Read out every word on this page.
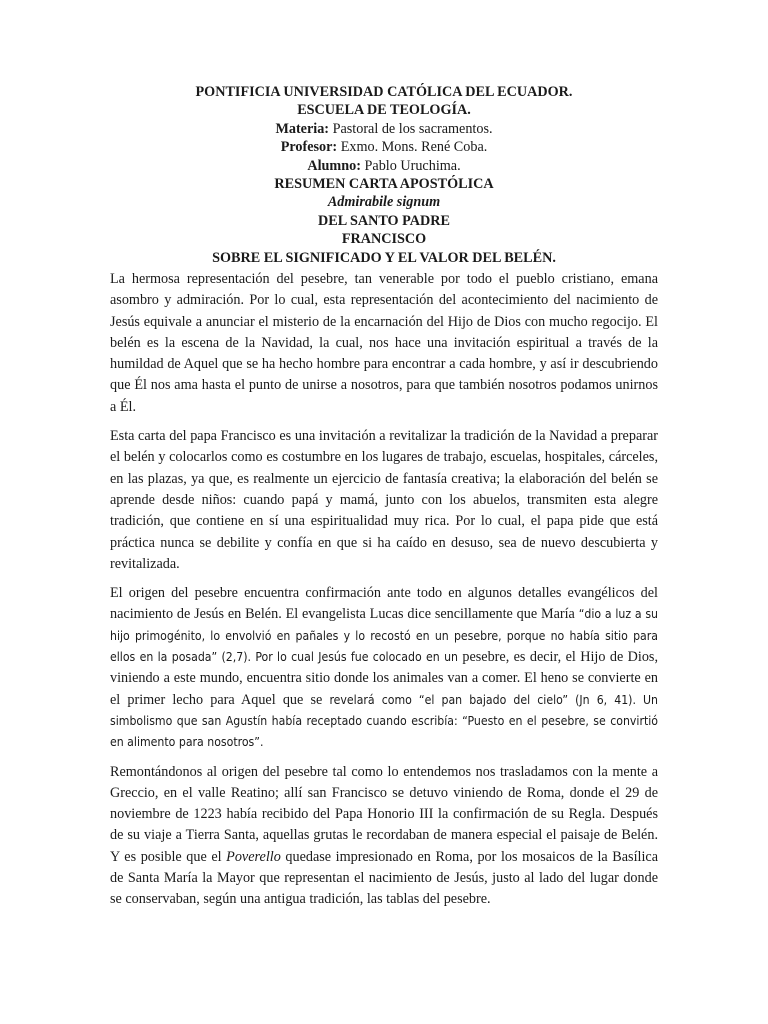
PONTIFICIA UNIVERSIDAD CATÓLICA DEL ECUADOR.
ESCUELA DE TEOLOGÍA.
Materia: Pastoral de los sacramentos.
Profesor: Exmo. Mons. René Coba.
Alumno: Pablo Uruchima.
RESUMEN CARTA APOSTÓLICA
Admirabile signum
DEL SANTO PADRE
FRANCISCO
SOBRE EL SIGNIFICADO Y EL VALOR DEL BELÉN.

La hermosa representación del pesebre, tan venerable por todo el pueblo cristiano, emana asombro y admiración. Por lo cual, esta representación del acontecimiento del nacimiento de Jesús equivale a anunciar el misterio de la encarnación del Hijo de Dios con mucho regocijo. El belén es la escena de la Navidad, la cual, nos hace una invitación espiritual a través de la humildad de Aquel que se ha hecho hombre para encontrar a cada hombre, y así ir descubriendo que Él nos ama hasta el punto de unirse a nosotros, para que también nosotros podamos unirnos a Él.

Esta carta del papa Francisco es una invitación a revitalizar la tradición de la Navidad a preparar el belén y colocarlos como es costumbre en los lugares de trabajo, escuelas, hospitales, cárceles, en las plazas, ya que, es realmente un ejercicio de fantasía creativa; la elaboración del belén se aprende desde niños: cuando papá y mamá, junto con los abuelos, transmiten esta alegre tradición, que contiene en sí una espiritualidad muy rica. Por lo cual, el papa pide que está práctica nunca se debilite y confía en que si ha caído en desuso, sea de nuevo descubierta y revitalizada.

El origen del pesebre encuentra confirmación ante todo en algunos detalles evangélicos del nacimiento de Jesús en Belén. El evangelista Lucas dice sencillamente que María “dio a luz a su hijo primogénito, lo envolvió en pañales y lo recostó en un pesebre, porque no había sitio para ellos en la posada” (2,7). Por lo cual Jesús fue colocado en un pesebre, es decir, el Hijo de Dios, viniendo a este mundo, encuentra sitio donde los animales van a comer. El heno se convierte en el primer lecho para Aquel que se revelará como “el pan bajado del cielo” (Jn 6, 41). Un simbolismo que san Agustín había receptado cuando escribía: “Puesto en el pesebre, se convirtió en alimento para nosotros”.

Remontándonos al origen del pesebre tal como lo entendemos nos trasladamos con la mente a Greccio, en el valle Reatino; allí san Francisco se detuvo viniendo de Roma, donde el 29 de noviembre de 1223 había recibido del Papa Honorio III la confirmación de su Regla. Después de su viaje a Tierra Santa, aquellas grutas le recordaban de manera especial el paisaje de Belén. Y es posible que el Poverello quedase impresionado en Roma, por los mosaicos de la Basílica de Santa María la Mayor que representan el nacimiento de Jesús, justo al lado del lugar donde se conservaban, según una antigua tradición, las tablas del pesebre.
